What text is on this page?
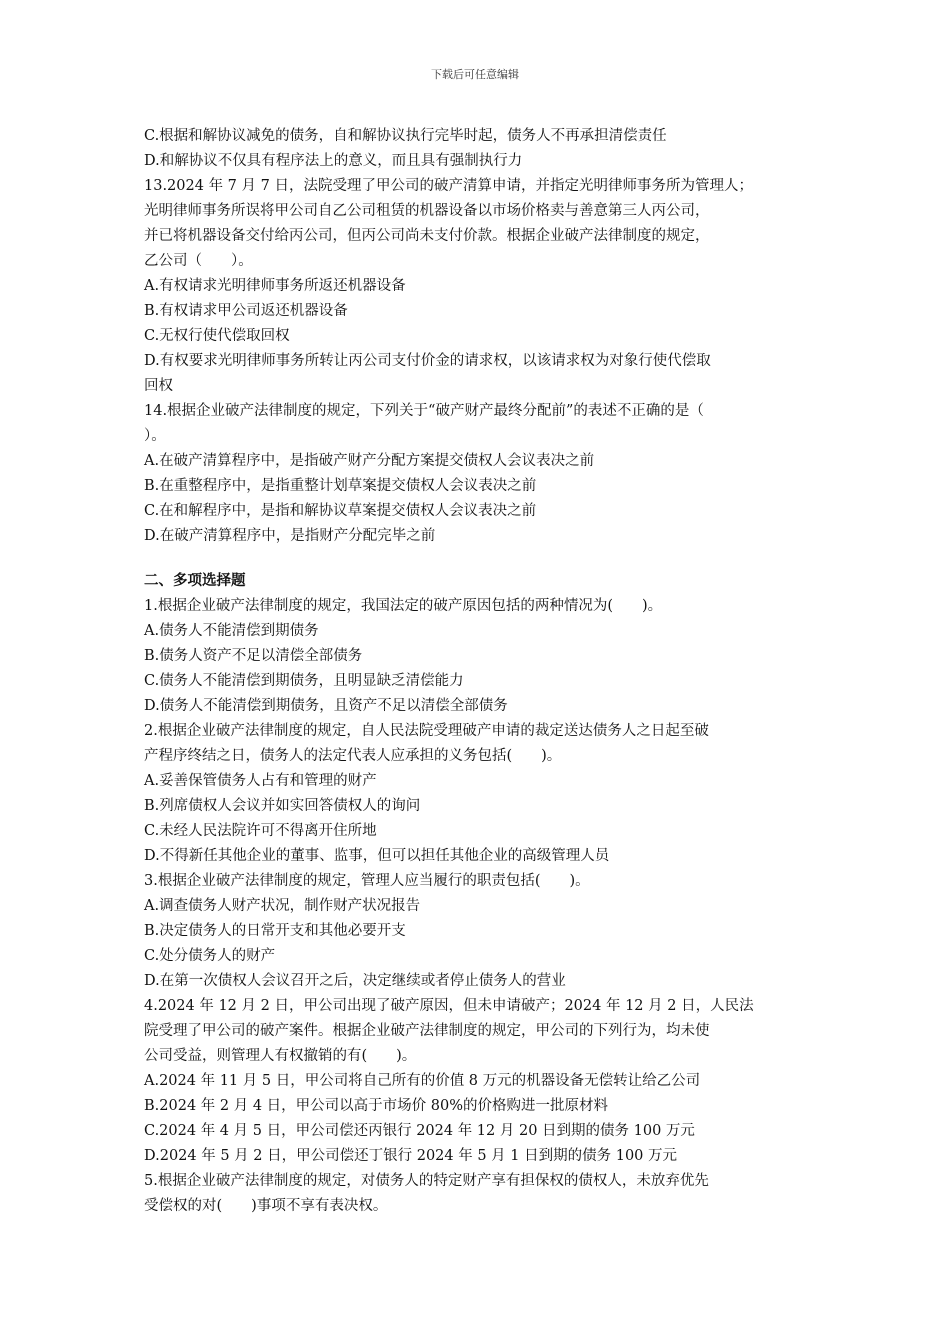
下载后可任意编辑
C.根据和解协议减免的债务，自和解协议执行完毕时起，债务人不再承担清偿责任
D.和解协议不仅具有程序法上的意义，而且具有强制执行力
13.2024 年 7 月 7 日，法院受理了甲公司的破产清算申请，并指定光明律师事务所为管理人；
光明律师事务所误将甲公司自乙公司租赁的机器设备以市场价格卖与善意第三人丙公司，
并已将机器设备交付给丙公司，但丙公司尚未支付价款。根据企业破产法律制度的规定，
乙公司（　　）。
A.有权请求光明律师事务所返还机器设备
B.有权请求甲公司返还机器设备
C.无权行使代偿取回权
D.有权要求光明律师事务所转让丙公司支付价金的请求权，以该请求权为对象行使代偿取
回权
14.根据企业破产法律制度的规定，下列关于“破产财产最终分配前”的表述不正确的是（
）。
A.在破产清算程序中，是指破产财产分配方案提交债权人会议表决之前
B.在重整程序中，是指重整计划草案提交债权人会议表决之前
C.在和解程序中，是指和解协议草案提交债权人会议表决之前
D.在破产清算程序中，是指财产分配完毕之前
二、多项选择题
1.根据企业破产法律制度的规定，我国法定的破产原因包括的两种情况为(　　)。
A.债务人不能清偿到期债务
B.债务人资产不足以清偿全部债务
C.债务人不能清偿到期债务，且明显缺乏清偿能力
D.债务人不能清偿到期债务，且资产不足以清偿全部债务
2.根据企业破产法律制度的规定，自人民法院受理破产申请的裁定送达债务人之日起至破
产程序终结之日，债务人的法定代表人应承担的义务包括(　　)。
A.妥善保管债务人占有和管理的财产
B.列席债权人会议并如实回答债权人的询问
C.未经人民法院许可不得离开住所地
D.不得新任其他企业的董事、监事，但可以担任其他企业的高级管理人员
3.根据企业破产法律制度的规定，管理人应当履行的职责包括(　　)。
A.调查债务人财产状况，制作财产状况报告
B.决定债务人的日常开支和其他必要开支
C.处分债务人的财产
D.在第一次债权人会议召开之后，决定继续或者停止债务人的营业
4.2024 年 12 月 2 日，甲公司出现了破产原因，但未申请破产；2024 年 12 月 2 日，人民法
院受理了甲公司的破产案件。根据企业破产法律制度的规定，甲公司的下列行为，均未使
公司受益，则管理人有权撤销的有(　　)。
A.2024 年 11 月 5 日，甲公司将自己所有的价值 8 万元的机器设备无偿转让给乙公司
B.2024 年 2 月 4 日，甲公司以高于市场价 80%的价格购进一批原材料
C.2024 年 4 月 5 日，甲公司偿还丙银行 2024 年 12 月 20 日到期的债务 100 万元
D.2024 年 5 月 2 日，甲公司偿还丁银行 2024 年 5 月 1 日到期的债务 100 万元
5.根据企业破产法律制度的规定，对债务人的特定财产享有担保权的债权人，未放弃优先
受偿权的对(　　)事项不享有表决权。
